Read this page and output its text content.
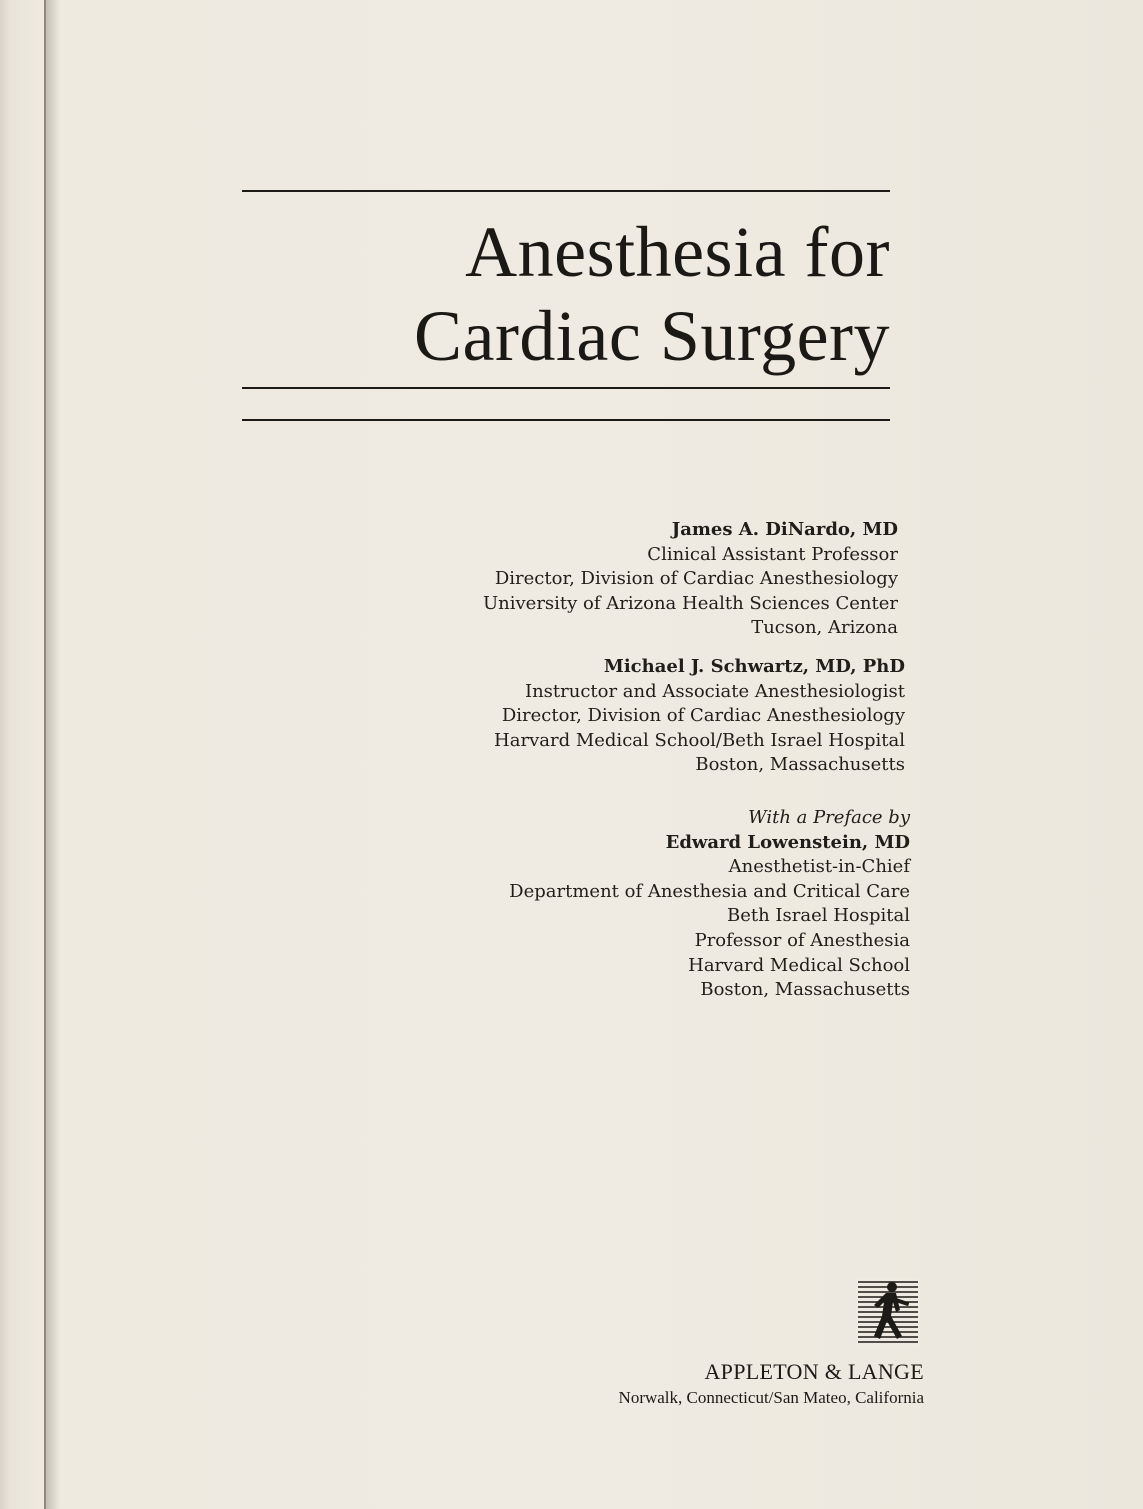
Anesthesia for
Cardiac Surgery
James A. DiNardo, MD
Clinical Assistant Professor
Director, Division of Cardiac Anesthesiology
University of Arizona Health Sciences Center
Tucson, Arizona
Michael J. Schwartz, MD, PhD
Instructor and Associate Anesthesiologist
Director, Division of Cardiac Anesthesiology
Harvard Medical School/Beth Israel Hospital
Boston, Massachusetts
With a Preface by
Edward Lowenstein, MD
Anesthetist-in-Chief
Department of Anesthesia and Critical Care
Beth Israel Hospital
Professor of Anesthesia
Harvard Medical School
Boston, Massachusetts
APPLETON & LANGE
Norwalk, Connecticut/San Mateo, California
